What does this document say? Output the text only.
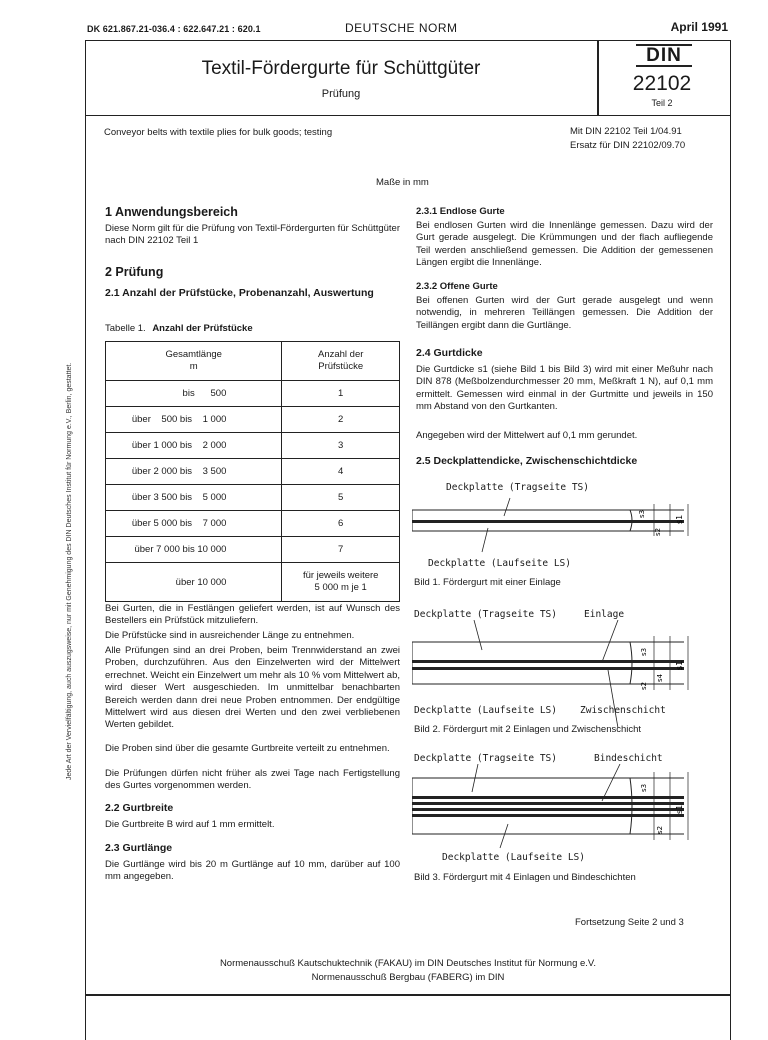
DK 621.867.21-036.4 : 622.647.21 : 620.1	DEUTSCHE NORM	April 1991
Textil-Fördergurte für Schüttgüter
Prüfung
DIN
22102
Teil 2
Conveyor belts with textile plies for bulk goods; testing	Mit DIN 22102 Teil 1/04.91
Ersatz für DIN 22102/09.70
Maße in mm
1 Anwendungsbereich
Diese Norm gilt für die Prüfung von Textil-Fördergurten für Schüttgüter nach DIN 22102 Teil 1
2 Prüfung
2.1 Anzahl der Prüfstücke, Probenanzahl, Auswertung
Tabelle 1. Anzahl der Prüfstücke
Gesamtlänge
m	Anzahl der
Prüfstücke
bis      500	1
über    500 bis    1 000	2
über 1 000 bis    2 000	3
über 2 000 bis    3 500	4
über 3 500 bis    5 000	5
über 5 000 bis    7 000	6
über 7 000 bis 10 000	7
über 10 000	für jeweils weitere
5 000 m je 1
Bei Gurten, die in Festlängen geliefert werden, ist auf Wunsch des Bestellers ein Prüfstück mitzuliefern.
Die Prüfstücke sind in ausreichender Länge zu entnehmen.
Alle Prüfungen sind an drei Proben, beim Trennwiderstand an zwei Proben, durchzuführen. Aus den Einzelwerten wird der Mittelwert errechnet. Weicht ein Einzelwert um mehr als 10 % vom Mittelwert ab, wird dieser Wert ausgeschieden. Im unmittelbar benachbarten Bereich werden dann drei neue Proben entnommen. Der endgültige Mittelwert wird aus diesen drei Werten und den zwei verbliebenen Werten gebildet.
Die Proben sind über die gesamte Gurtbreite verteilt zu entnehmen.
Die Prüfungen dürfen nicht früher als zwei Tage nach Fertigstellung des Gurtes vorgenommen werden.
2.2 Gurtbreite
Die Gurtbreite B wird auf 1 mm ermittelt.
2.3 Gurtlänge
Die Gurtlänge wird bis 20 m Gurtlänge auf 10 mm, darüber auf 100 mm angegeben.
2.3.1 Endlose Gurte
Bei endlosen Gurten wird die Innenlänge gemessen. Dazu wird der Gurt gerade ausgelegt. Die Krümmungen und der flach aufliegende Teil werden anschließend gemessen. Die Addition der gemessenen Längen ergibt die Innenlänge.
2.3.2 Offene Gurte
Bei offenen Gurten wird der Gurt gerade ausgelegt und wenn notwendig, in mehreren Teillängen gemessen. Die Addition der Teillängen ergibt dann die Gurtlänge.
2.4 Gurtdicke
Die Gurtdicke s1 (siehe Bild 1 bis Bild 3) wird mit einer Meßuhr nach DIN 878 (Meßbolzendurchmesser 20 mm, Meßkraft 1 N), auf 0,1 mm ermittelt. Gemessen wird einmal in der Gurtmitte und jeweils in 150 mm Abstand von den Gurtkanten.
Angegeben wird der Mittelwert auf 0,1 mm gerundet.
2.5 Deckplattendicke, Zwischenschichtdicke
Deckplatte (Tragseite TS)
s3
s2
s1
Deckplatte (Laufseite LS)
Bild 1. Fördergurt mit einer Einlage
Deckplatte (Tragseite TS)	Einlage
s3
s4
s2
s1
Deckplatte (Laufseite LS) Zwischenschicht
Bild 2. Fördergurt mit 2 Einlagen und Zwischenschicht
Deckplatte (Tragseite TS)	Bindeschicht
s3
s2
s1
Deckplatte (Laufseite LS)
Bild 3. Fördergurt mit 4 Einlagen und Bindeschichten
Fortsetzung Seite 2 und 3
Normenausschuß Kautschuktechnik (FAKAU) im DIN Deutsches Institut für Normung e.V.
Normenausschuß Bergbau (FABERG) im DIN
Jede Art der Vervielfältigung, auch auszugsweise, nur mit Genehmigung des DIN Deutsches Institut für Normung e.V., Berlin, gestattet.
